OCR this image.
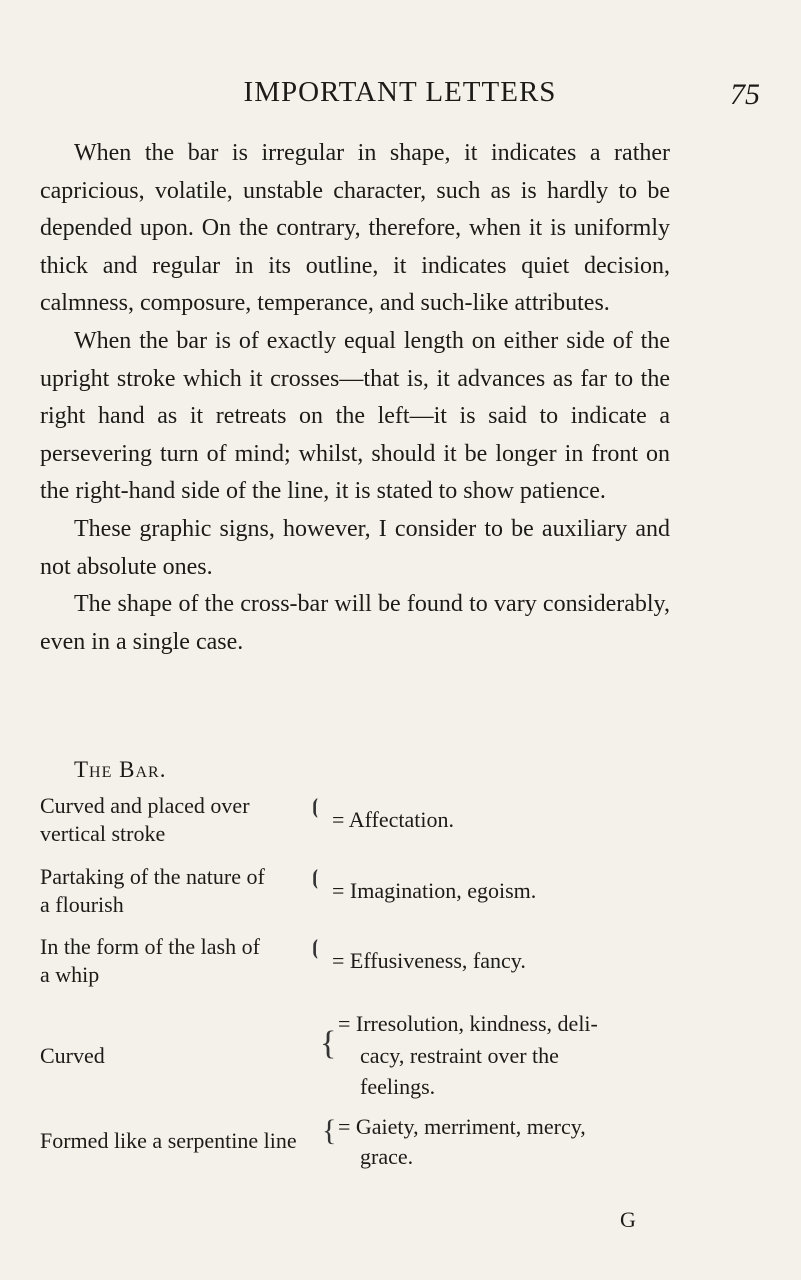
IMPORTANT LETTERS	75

When the bar is irregular in shape, it indicates a rather capricious, volatile, unstable character, such as is hardly to be depended upon. On the contrary, therefore, when it is uniformly thick and regular in its outline, it indicates quiet decision, calmness, composure, temperance, and such-like attributes.

When the bar is of exactly equal length on either side of the upright stroke which it crosses—that is, it advances as far to the right hand as it retreats on the left—it is said to indicate a persevering turn of mind; whilst, should it be longer in front on the right-hand side of the line, it is stated to show patience.

These graphic signs, however, I consider to be auxiliary and not absolute ones.

The shape of the cross-bar will be found to vary considerably, even in a single case.

The Bar.
Curved and placed over
vertical stroke
⦗ = Affectation.
Partaking of the nature of
a flourish
⦗ = Imagination, egoism.
In the form of the lash of
a whip
⦗ = Effusiveness, fancy.
Curved	{
= Irresolution, kindness, deli-
cacy, restraint over the
feelings.
Formed like a serpentine line { = Gaiety, merriment, mercy,
grace.
G
